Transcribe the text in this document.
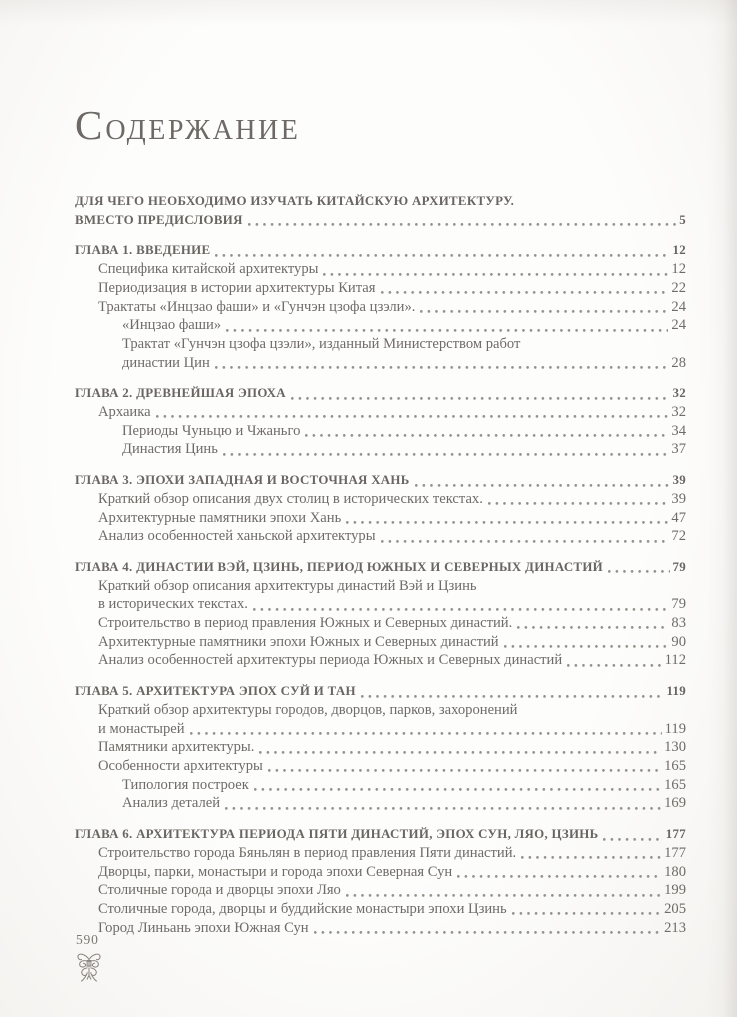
СОДЕРЖАНИЕ
ДЛЯ ЧЕГО НЕОБХОДИМО ИЗУЧАТЬ КИТАЙСКУЮ АРХИТЕКТУРУ.
ВМЕСТО ПРЕДИСЛОВИЯ	5
ГЛАВА 1. ВВЕДЕНИЕ	12
Специфика китайской архитектуры	12
Периодизация в истории архитектуры Китая	22
Трактаты «Инцзао фаши» и «Гунчэн цзофа цзэли».	24
«Инцзао фаши»	24
Трактат «Гунчэн цзофа цзэли», изданный Министерством работ
династии Цин	28
ГЛАВА 2. ДРЕВНЕЙШАЯ ЭПОХА	32
Архаика	32
Периоды Чуньцю и Чжаньго	34
Династия Цинь	37
ГЛАВА 3. ЭПОХИ ЗАПАДНАЯ И ВОСТОЧНАЯ ХАНЬ	39
Краткий обзор описания двух столиц в исторических текстах.	39
Архитектурные памятники эпохи Хань	47
Анализ особенностей ханьской архитектуры	72
ГЛАВА 4. ДИНАСТИИ ВЭЙ, ЦЗИНЬ, ПЕРИОД ЮЖНЫХ И СЕВЕРНЫХ ДИНАСТИЙ	79
Краткий обзор описания архитектуры династий Вэй и Цзинь
в исторических текстах.	79
Строительство в период правления Южных и Северных династий.	83
Архитектурные памятники эпохи Южных и Северных династий	90
Анализ особенностей архитектуры периода Южных и Северных династий	112
ГЛАВА 5. АРХИТЕКТУРА ЭПОХ СУЙ И ТАН	119
Краткий обзор архитектуры городов, дворцов, парков, захоронений
и монастырей	119
Памятники архитектуры.	130
Особенности архитектуры	165
Типология построек	165
Анализ деталей	169
ГЛАВА 6. АРХИТЕКТУРА ПЕРИОДА ПЯТИ ДИНАСТИЙ, ЭПОХ СУН, ЛЯО, ЦЗИНЬ	177
Строительство города Бяньлян в период правления Пяти династий.	177
Дворцы, парки, монастыри и города эпохи Северная Сун	180
Столичные города и дворцы эпохи Ляо	199
Столичные города, дворцы и буддийские монастыри эпохи Цзинь	205
Город Линьань эпохи Южная Сун	213
590
